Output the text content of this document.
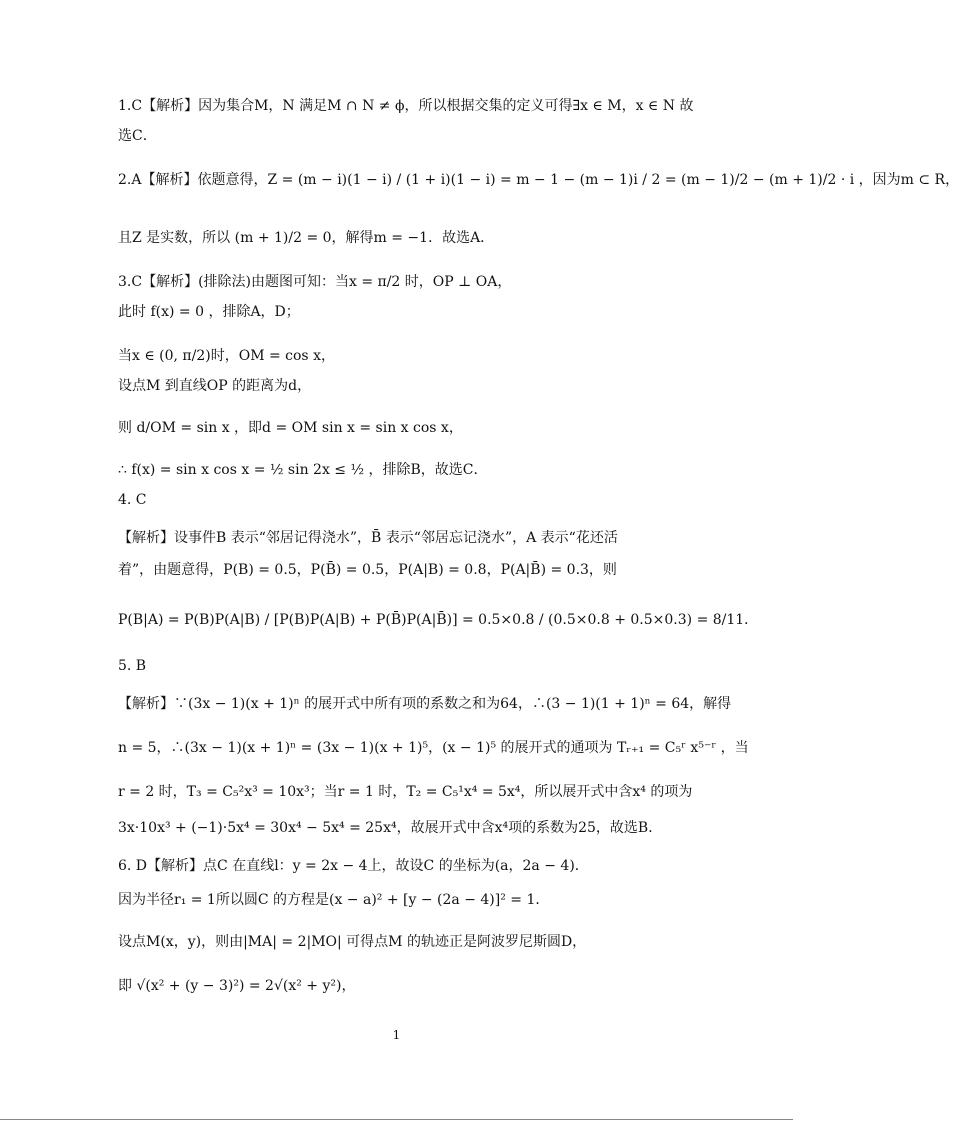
1.C【解析】因为集合M，N 满足M ∩ N ≠ ϕ，所以根据交集的定义可得∃x ∈ M，x ∈ N 故
选C．
2.A【解析】依题意得，Z = (m − i)(1 − i) / (1 + i)(1 − i) = m − 1 − (m − 1)i / 2 = (m − 1)/2 − (m + 1)/2 · i ，因为m ⊂ R，
且Z 是实数，所以 (m + 1)/2 = 0，解得m = −1．故选A．
3.C【解析】(排除法)由题图可知：当x = π/2 时，OP ⊥ OA，
此时 f(x) = 0 ，排除A，D；
当x ∈ (0, π/2)时，OM = cos x，
设点M 到直线OP 的距离为d，
则 d/OM = sin x ，即d = OM sin x = sin x cos x，
∴ f(x) = sin x cos x = ½ sin 2x ≤ ½ ，排除B，故选C．
4. C
【解析】设事件B 表示“邻居记得浇水”，B̄ 表示“邻居忘记浇水”，A 表示“花还活
着”，由题意得，P(B) = 0.5，P(B̄) = 0.5，P(A|B) = 0.8，P(A|B̄) = 0.3，则
P(B|A) = P(B)P(A|B) / [P(B)P(A|B) + P(B̄)P(A|B̄)] = 0.5×0.8 / (0.5×0.8 + 0.5×0.3) = 8/11．
5. B
【解析】∵(3x − 1)(x + 1)ⁿ 的展开式中所有项的系数之和为64，∴(3 − 1)(1 + 1)ⁿ = 64，解得
n = 5，∴(3x − 1)(x + 1)ⁿ = (3x − 1)(x + 1)⁵，(x − 1)⁵ 的展开式的通项为 Tᵣ₊₁ = C₅ʳ x⁵⁻ʳ ，当
r = 2 时，T₃ = C₅²x³ = 10x³；当r = 1 时，T₂ = C₅¹x⁴ = 5x⁴，所以展开式中含x⁴ 的项为
3x·10x³ + (−1)·5x⁴ = 30x⁴ − 5x⁴ = 25x⁴，故展开式中含x⁴项的系数为25，故选B．
6. D【解析】点C 在直线l：y = 2x − 4上，故设C 的坐标为(a，2a − 4)．
因为半径r₁ = 1所以圆C 的方程是(x − a)² + [y − (2a − 4)]² = 1．
设点M(x，y)，则由|MA| = 2|MO| 可得点M 的轨迹正是阿波罗尼斯圆D，
即 √(x² + (y − 3)²) = 2√(x² + y²)，
1
